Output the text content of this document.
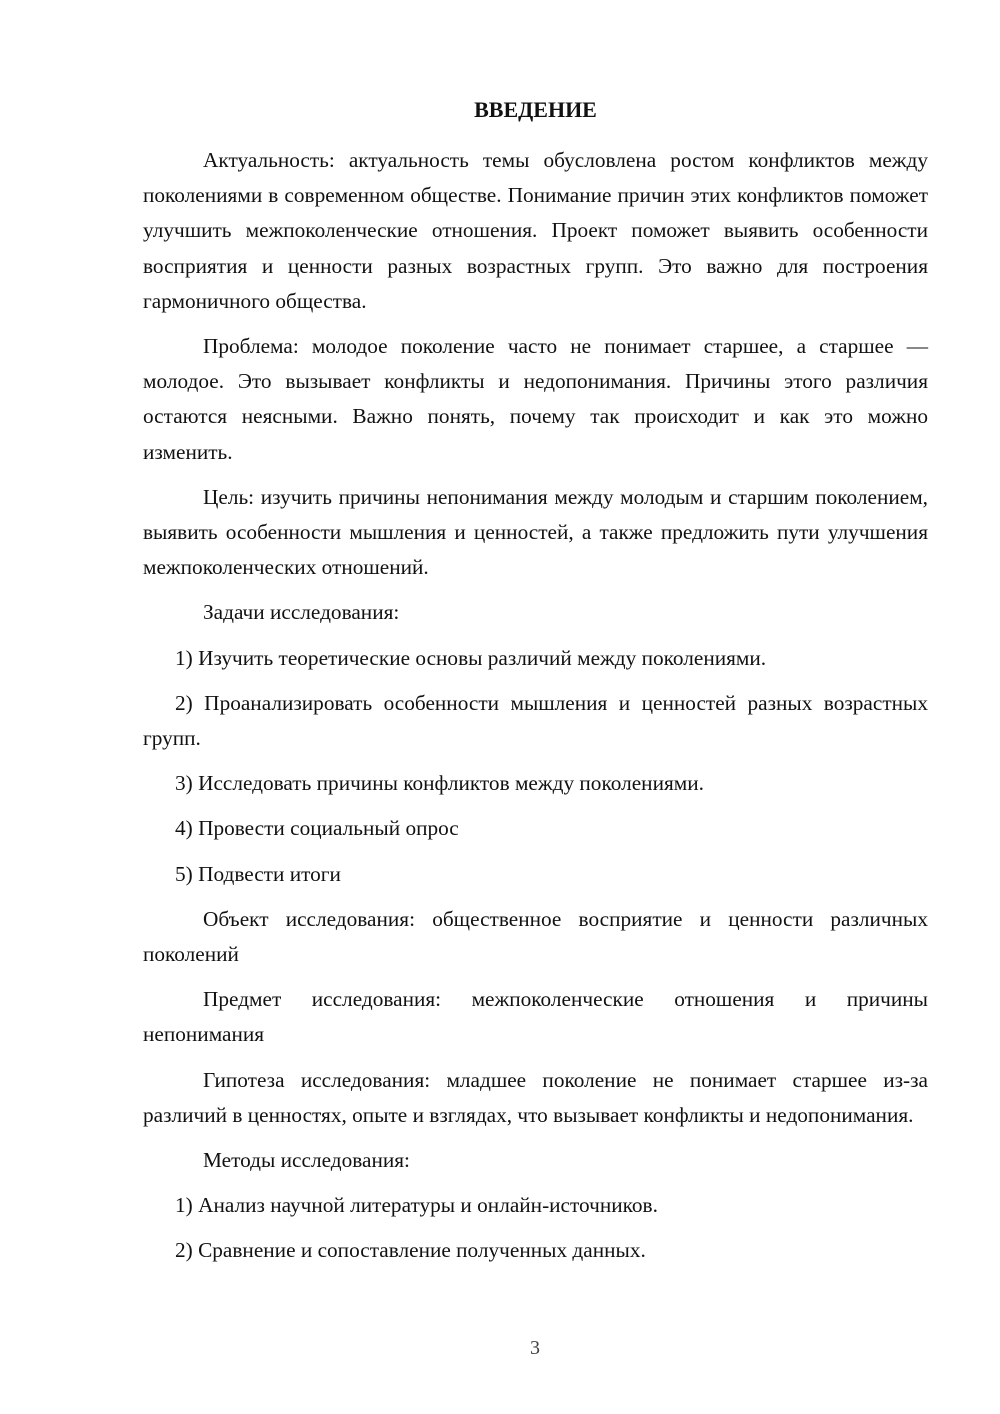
ВВЕДЕНИЕ

Актуальность: актуальность темы обусловлена ростом конфликтов между поколениями в современном обществе. Понимание причин этих конфликтов поможет улучшить межпоколенческие отношения. Проект поможет выявить особенности восприятия и ценности разных возрастных групп. Это важно для построения гармоничного общества.

Проблема: молодое поколение часто не понимает старшее, а старшее — молодое. Это вызывает конфликты и недопонимания. Причины этого различия остаются неясными. Важно понять, почему так происходит и как это можно изменить.

Цель: изучить причины непонимания между молодым и старшим поколением, выявить особенности мышления и ценностей, а также предложить пути улучшения межпоколенческих отношений.

Задачи исследования:

1) Изучить теоретические основы различий между поколениями.

2) Проанализировать особенности мышления и ценностей разных возрастных групп.

3) Исследовать причины конфликтов между поколениями.

4) Провести социальный опрос

5) Подвести итоги

Объект исследования: общественное восприятие и ценности различных поколений

Предмет исследования: межпоколенческие отношения и причины непонимания

Гипотеза исследования: младшее поколение не понимает старшее из-за различий в ценностях, опыте и взглядах, что вызывает конфликты и недопонимания.

Методы исследования:

1) Анализ научной литературы и онлайн-источников.

2) Сравнение и сопоставление полученных данных.

3
